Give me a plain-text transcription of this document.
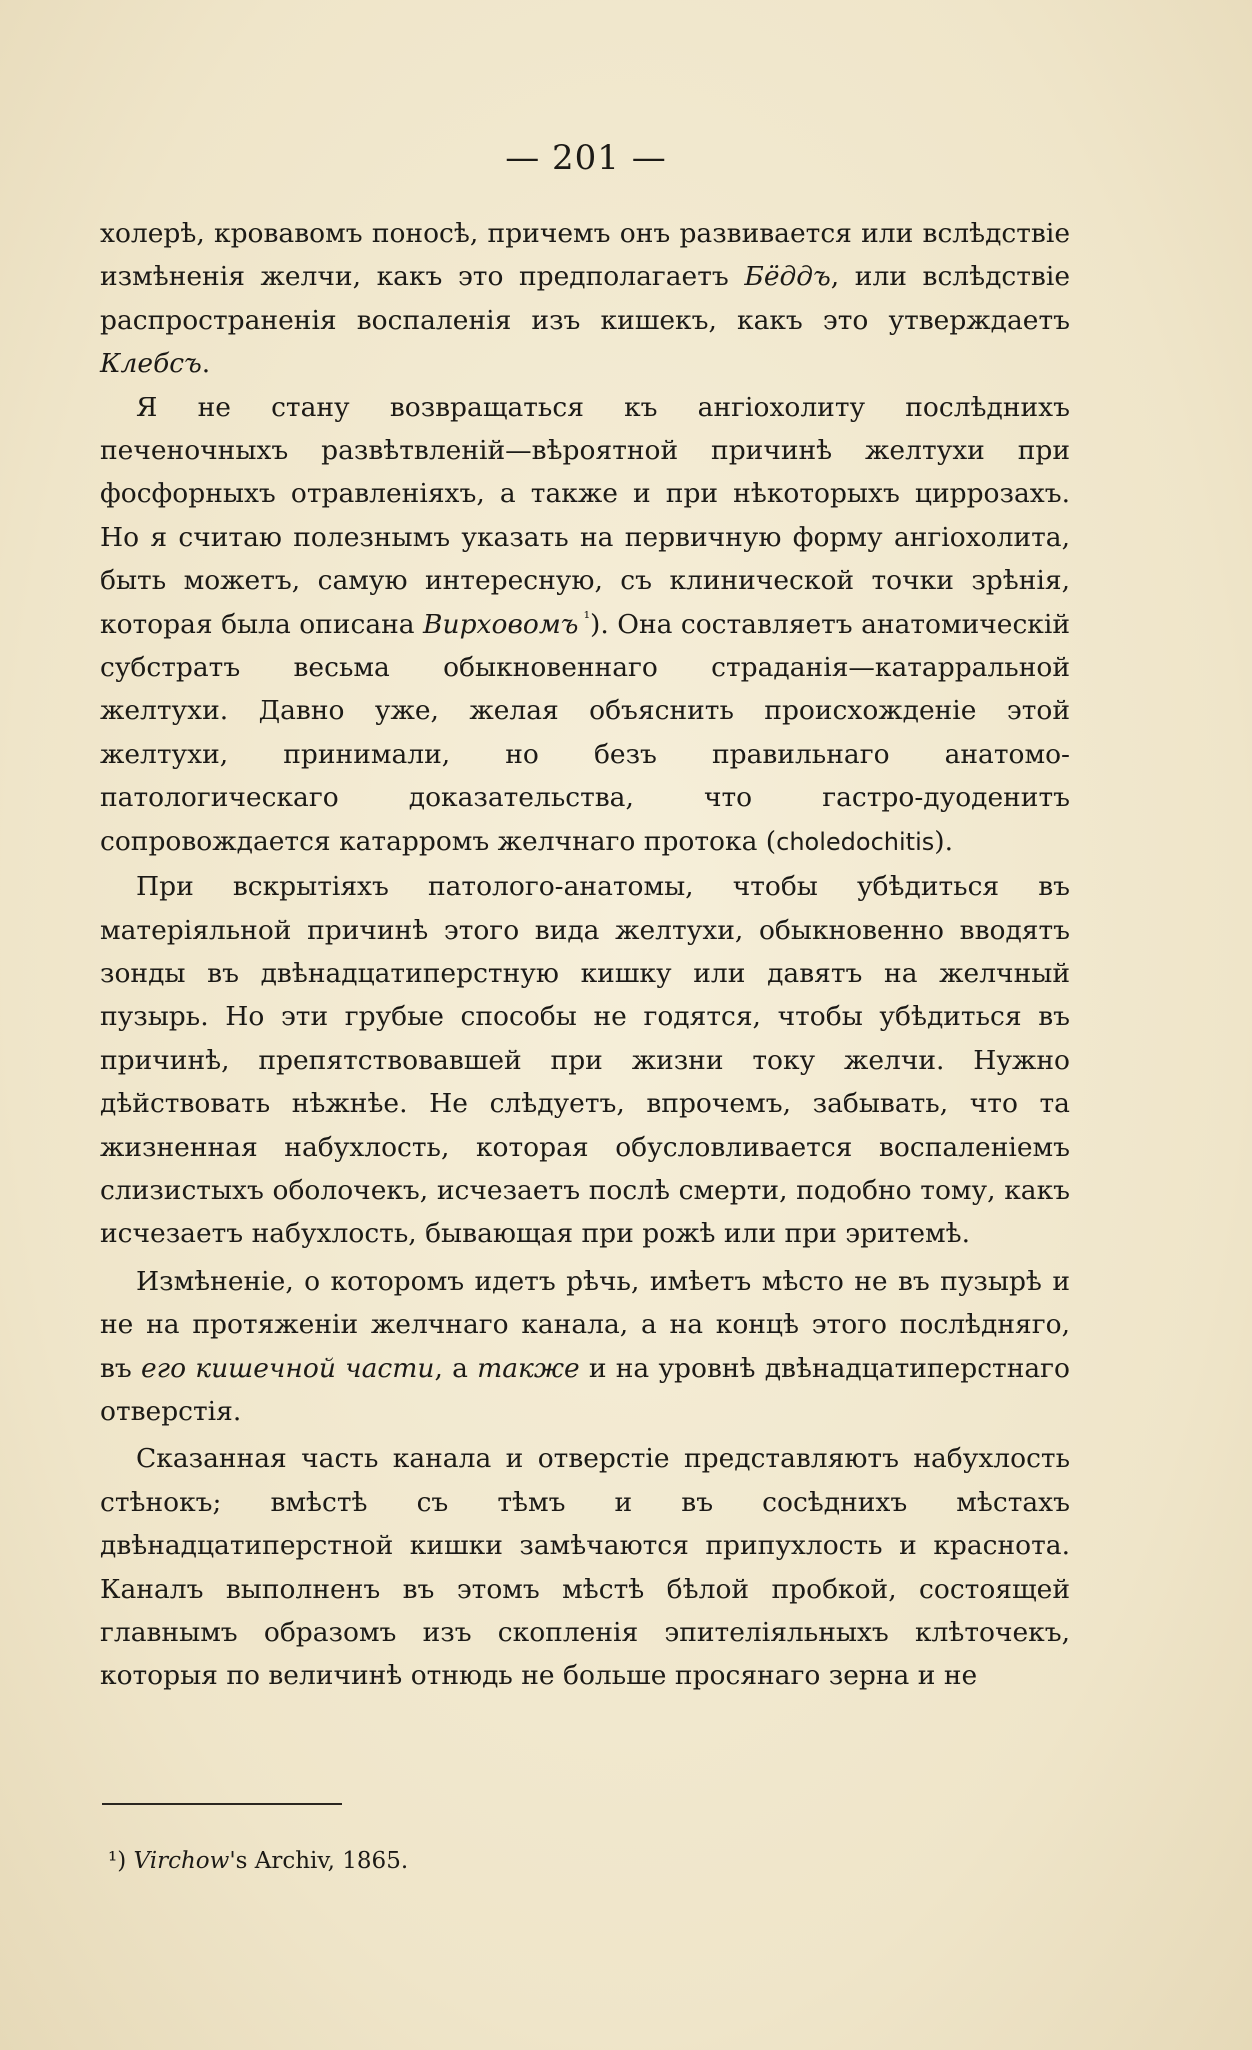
— 201 —

холерѣ, кровавомъ поносѣ, причемъ онъ развивается или вслѣдствіе измѣненія желчи, какъ это предполагаетъ Бёддъ, или вслѣдствіе распространенія воспаленія изъ кишекъ, какъ это утверждаетъ Клебсъ.

Я не стану возвращаться къ ангіохолиту послѣднихъ печеночныхъ развѣтвленій—вѣроятной причинѣ желтухи при фосфорныхъ отравленіяхъ, а также и при нѣкоторыхъ циррозахъ. Но я считаю полезнымъ указать на первичную форму ангіохолита, быть можетъ, самую интересную, съ клинической точки зрѣнія, которая была описана Вирховомъ $^{^1}$). Она составляетъ анатомическій субстратъ весьма обыкновеннаго страданія—катарральной желтухи. Давно уже, желая объяснить происхожденіе этой желтухи, принимали, но безъ правильнаго анатомо-патологическаго доказательства, что гастро-дуоденитъ сопровождается катарромъ желчнаго протока (choledochitis).

При вскрытіяхъ патолого-анатомы, чтобы убѣдиться въ матеріяльной причинѣ этого вида желтухи, обыкновенно вводятъ зонды въ двѣнадцатиперстную кишку или давятъ на желчный пузырь. Но эти грубые способы не годятся, чтобы убѣдиться въ причинѣ, препятствовавшей при жизни току желчи. Нужно дѣйствовать нѣжнѣе. Не слѣдуетъ, впрочемъ, забывать, что та жизненная набухлость, которая обусловливается воспаленіемъ слизистыхъ оболочекъ, исчезаетъ послѣ смерти, подобно тому, какъ исчезаетъ набухлость, бывающая при рожѣ или при эритемѣ.

Измѣненіе, о которомъ идетъ рѣчь, имѣетъ мѣсто не въ пузырѣ и не на протяженіи желчнаго канала, а на концѣ этого послѣдняго, въ его кишечной части, а также и на уровнѣ двѣнадцатиперстнаго отверстія.

Сказанная часть канала и отверстіе представляютъ набухлость стѣнокъ; вмѣстѣ съ тѣмъ и въ сосѣднихъ мѣстахъ двѣнадцатиперстной кишки замѣчаются припухлость и краснота. Каналъ выполненъ въ этомъ мѣстѣ бѣлой пробкой, состоящей главнымъ образомъ изъ скопленія эпителіяльныхъ клѣточекъ, которыя по величинѣ отнюдь не больше просянаго зерна и не

¹) Virchow's Archiv, 1865.
